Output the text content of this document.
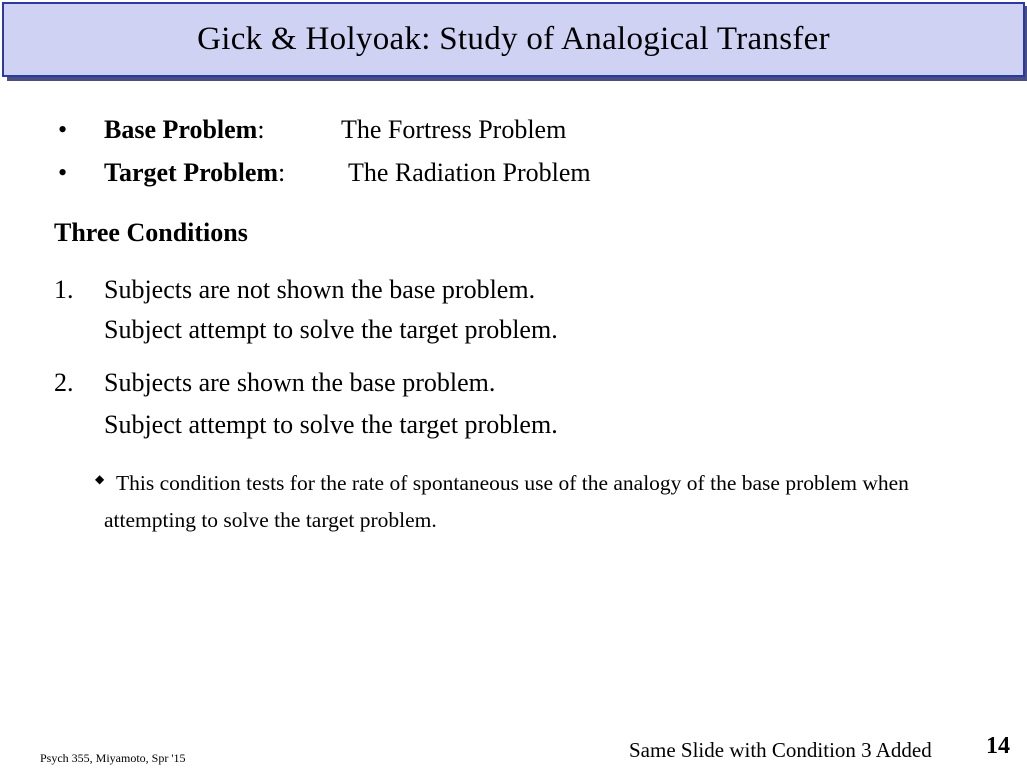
Gick & Holyoak: Study of Analogical Transfer
• Base Problem:	The Fortress Problem
• Target Problem: The Radiation Problem
Three Conditions
1. Subjects are not shown the base problem.
Subject attempt to solve the target problem.
2. Subjects are shown the base problem.
Subject attempt to solve the target problem.
◆ This condition tests for the rate of spontaneous use of the analogy of the base problem when attempting to solve the target problem.
Psych 355, Miyamoto, Spr '15	Same Slide with Condition 3 Added 14
